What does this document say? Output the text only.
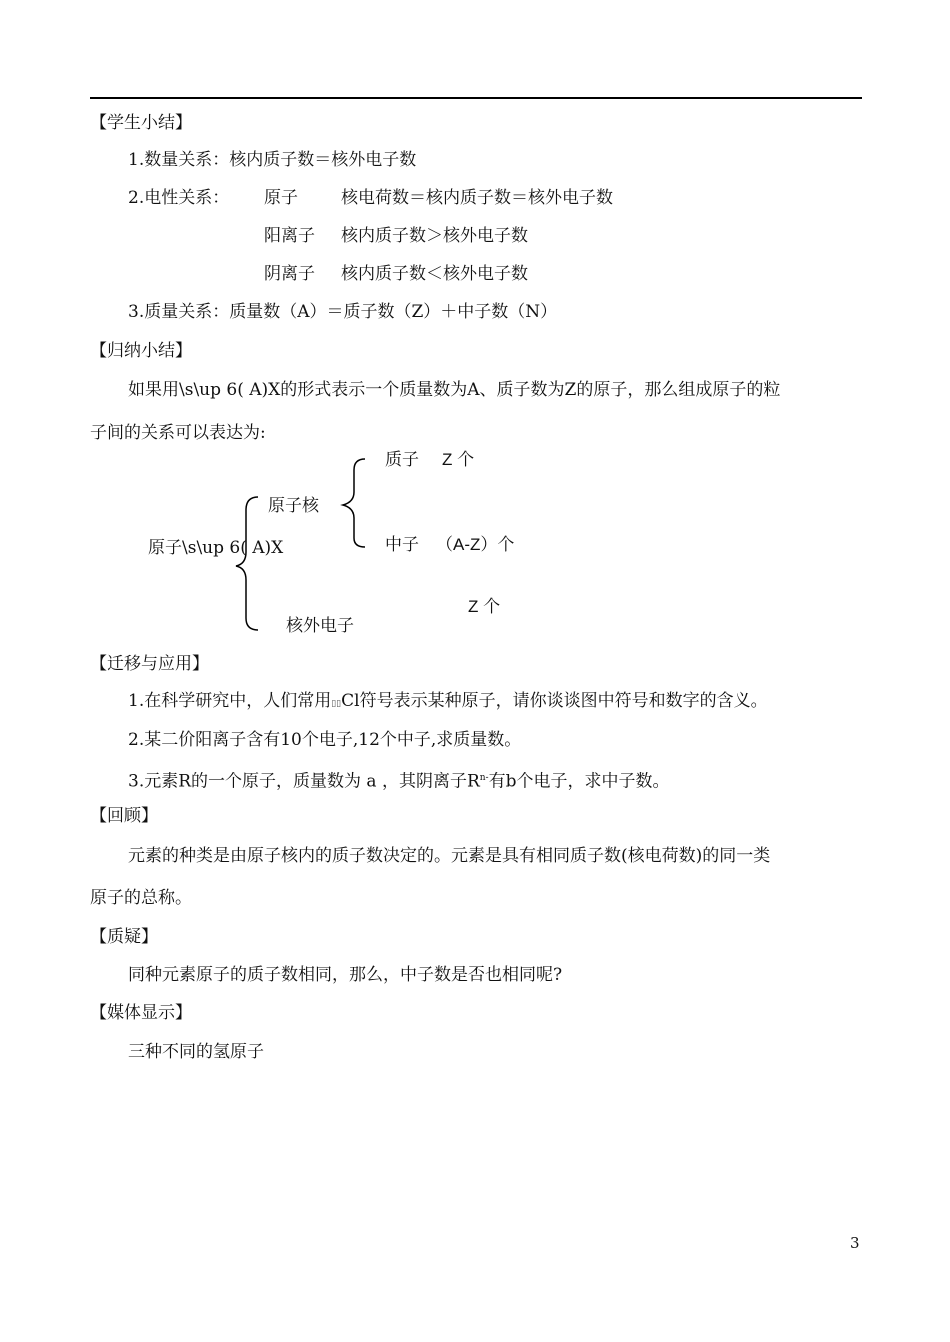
【学生小结】
1.数量关系：核内质子数＝核外电子数
2.电性关系： 原子	核电荷数＝核内质子数＝核外电子数
阳离子 核内质子数＞核外电子数
阴离子 核内质子数＜核外电子数
3.质量关系：质量数（A）＝质子数（Z）＋中子数（N）
【归纳小结】
如果用\s\up 6( A)X的形式表示一个质量数为A、质子数为Z的原子，那么组成原子的粒
子间的关系可以表达为:
原子\s\up 6( A)X
原子核
质子 Z 个
中子 （A-Z）个
Z 个
核外电子
【迁移与应用】
1.在科学研究中，人们常用▯▯Cl符号表示某种原子，请你谈谈图中符号和数字的含义。
2.某二价阳离子含有10个电子,12个中子,求质量数。
3.元素R的一个原子，质量数为 a ，其阴离子$R^{n-}$有b个电子，求中子数。
【回顾】
元素的种类是由原子核内的质子数决定的。元素是具有相同质子数(核电荷数)的同一类
原子的总称。
【质疑】
同种元素原子的质子数相同，那么，中子数是否也相同呢?
【媒体显示】
三种不同的氢原子
3
